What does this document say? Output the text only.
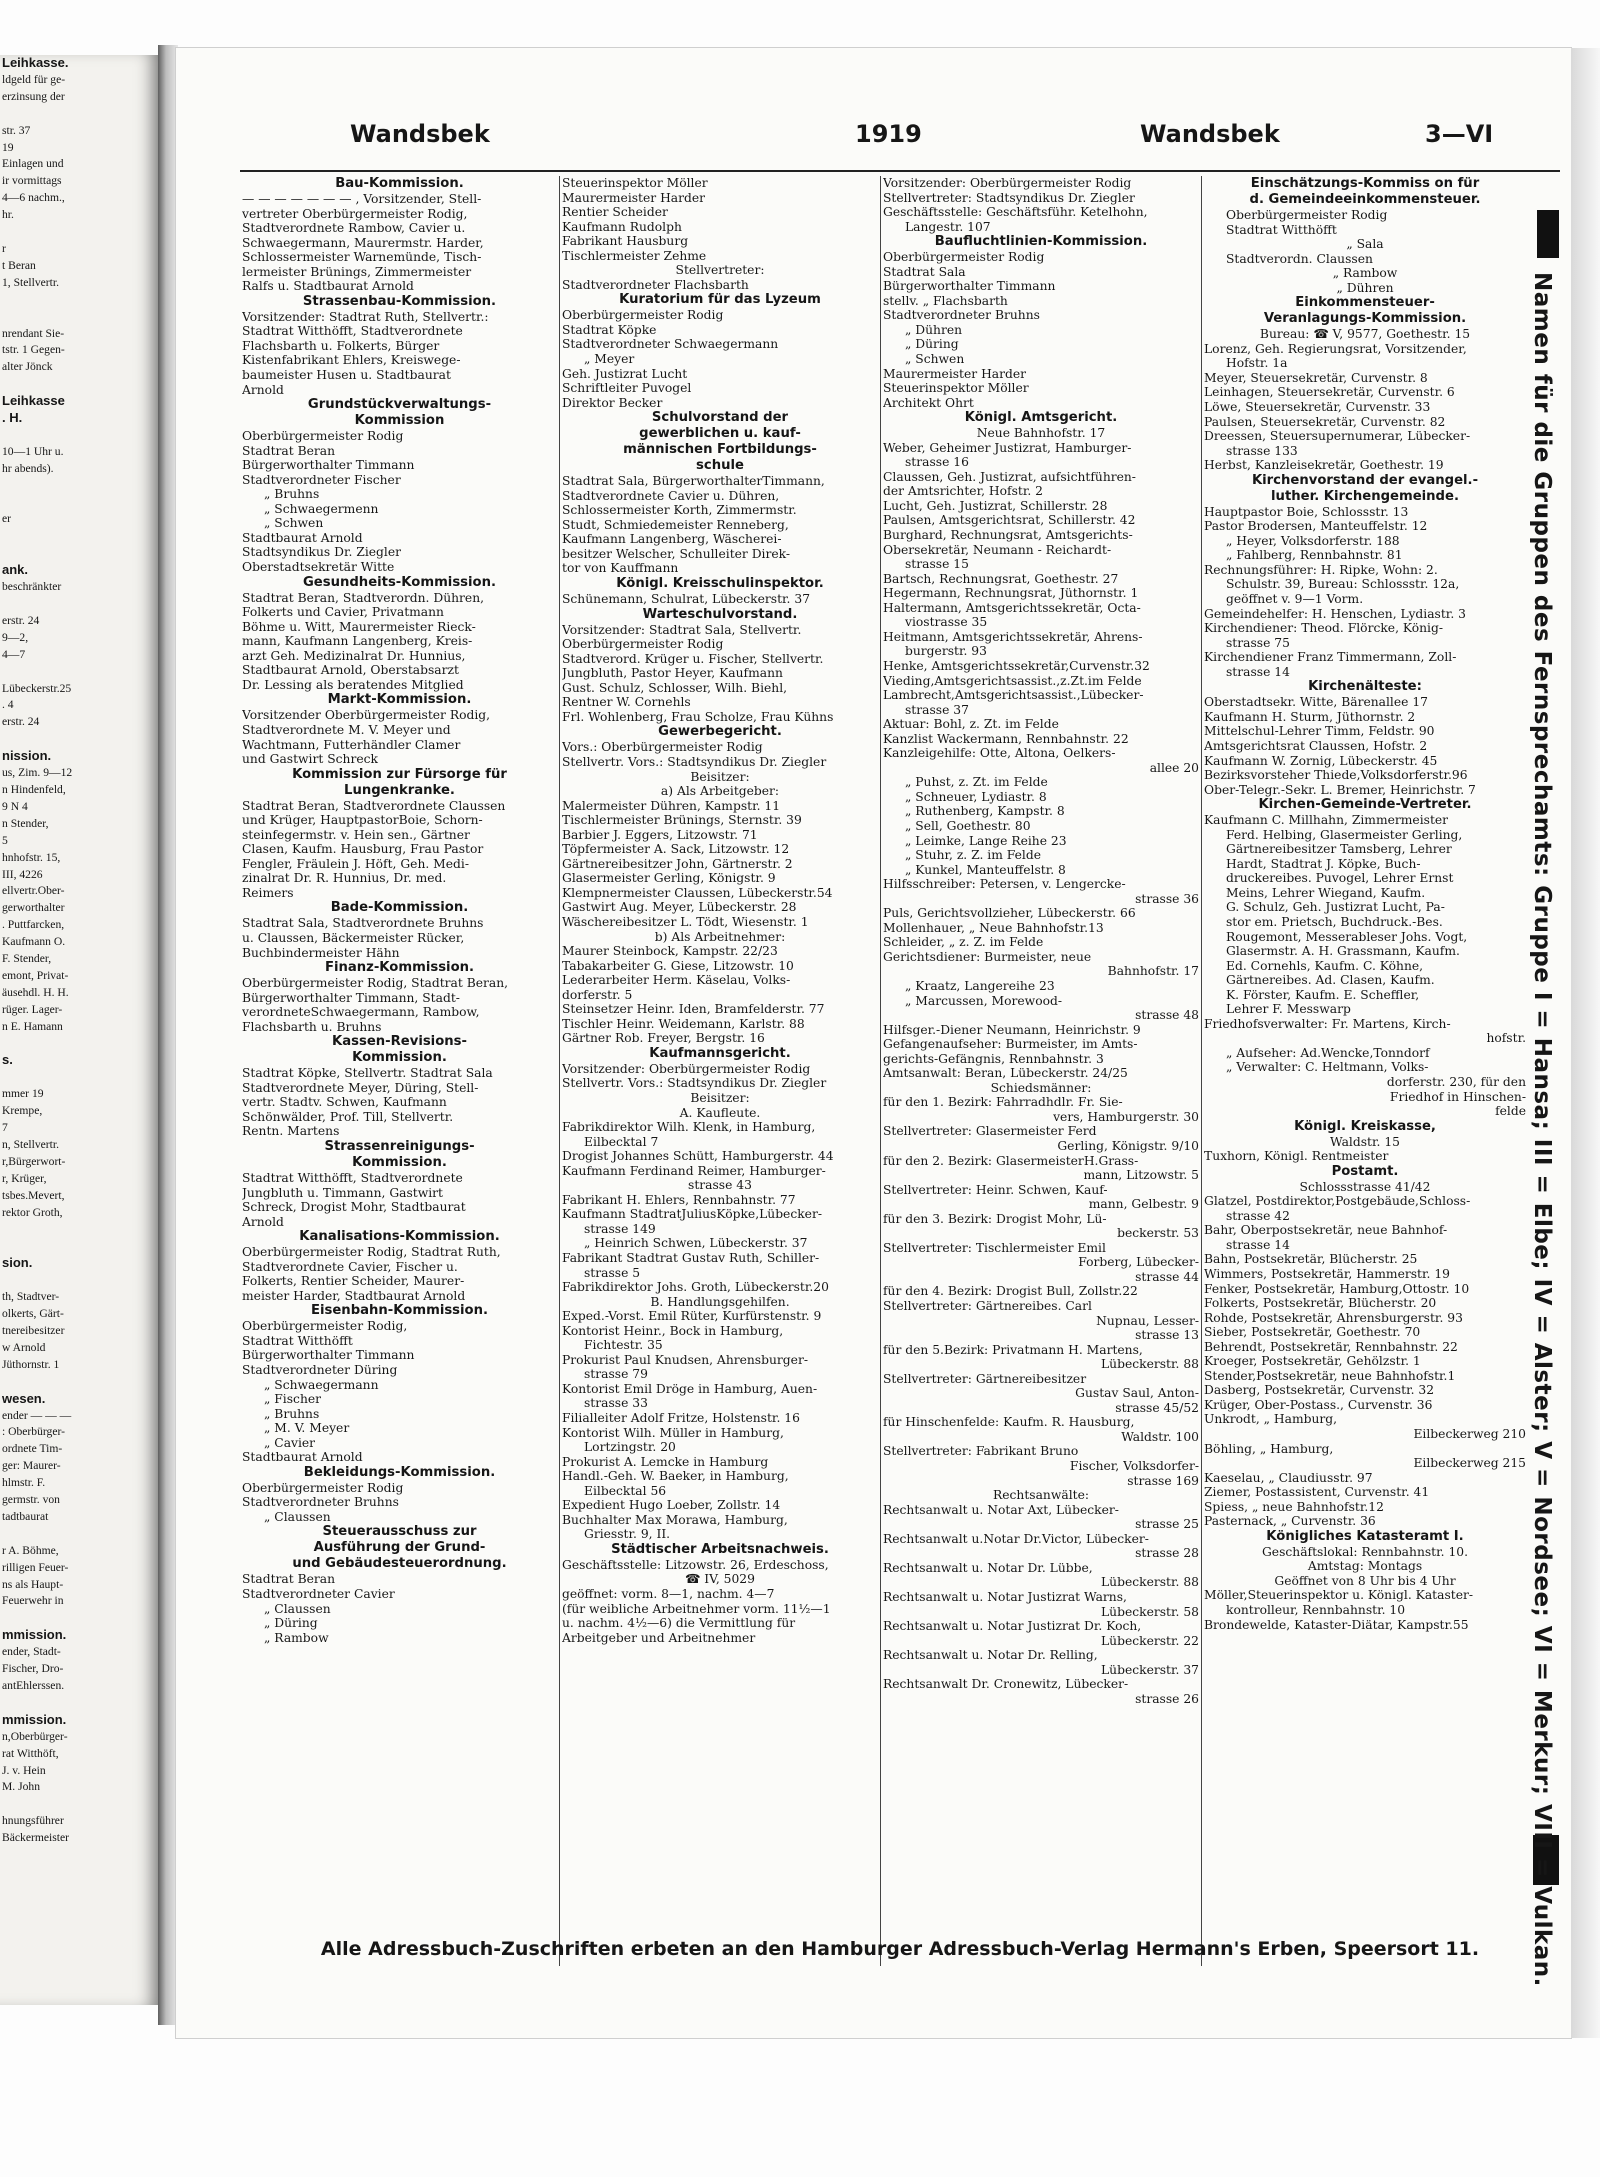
Leihkasse.
ldgeld für ge-
erzinsung der

str. 37
19
Einlagen und
ir vormittags
4—6 nachm.,
hr.

r
t Beran
1, Stellvertr.

nrendant Sie-
tstr. 1 Gegen-
alter Jönck

Leihkasse
. H.

10—1 Uhr u.
hr abends).

er

ank.
beschränkter

erstr. 24
9—2,
4—7

Lübeckerstr.25
. 4
erstr. 24

nission.
us, Zim. 9—12
n Hindenfeld,
9 N 4
n Stender,
5
hnhofstr. 15,
III, 4226
ellvertr.Ober-
gerworthalter
. Puttfarcken,
Kaufmann O.
F. Stender,
emont, Privat-
äusehdl. H. H.
rüger. Lager-
n E. Hamann

s.

mmer 19
Krempe,
7
n, Stellvertr.
r,Bürgerwort-
r, Krüger,
tsbes.Mevert,
rektor Groth,

sion.

th, Stadtver-
olkerts, Gärt-
tnereibesitzer
w Arnold
Jüthornstr. 1

wesen.
ender — — —
: Oberbürger-
ordnete Tim-
ger: Maurer-
hlmstr. F.
germstr. von
tadtbaurat

r A. Böhme,
rilligen Feuer-
ns als Haupt-
Feuerwehr in

mmission.
ender, Stadt-
Fischer, Dro-
antEhlerssen.

mmission.
n,Oberbürger-
rat Witthöft,
J. v. Hein
M. John

hnungsführer
Bäckermeister
Wandsbek	1919	Wandsbek	3—VI
Bau-Kommission.
— — — — — — — , Vorsitzender, Stell-
vertreter Oberbürgermeister Rodig,
Stadtverordnete Rambow, Cavier u.
Schwaegermann, Maurermstr. Harder,
Schlossermeister Warnemünde, Tisch-
lermeister Brünings, Zimmermeister
Ralfs u. Stadtbaurat Arnold
Strassenbau-Kommission.
Vorsitzender: Stadtrat Ruth, Stellvertr.:
Stadtrat Witthöfft, Stadtverordnete
Flachsbarth u. Folkerts, Bürger
Kistenfabrikant Ehlers, Kreiswege-
baumeister Husen u. Stadtbaurat
Arnold
Grundstückverwaltungs-
Kommission
Oberbürgermeister Rodig
Stadtrat Beran
Bürgerworthalter Timmann
Stadtverordneter Fischer
„ Bruhns
„ Schwaegermenn
„ Schwen
Stadtbaurat Arnold
Stadtsyndikus Dr. Ziegler
Oberstadtsekretär Witte
Gesundheits-Kommission.
Stadtrat Beran, Stadtverordn. Dühren,
Folkerts und Cavier, Privatmann
Böhme u. Witt, Maurermeister Rieck-
mann, Kaufmann Langenberg, Kreis-
arzt Geh. Medizinalrat Dr. Hunnius,
Stadtbaurat Arnold, Oberstabsarzt
Dr. Lessing als beratendes Mitglied
Markt-Kommission.
Vorsitzender Oberbürgermeister Rodig,
Stadtverordnete M. V. Meyer und
Wachtmann, Futterhändler Clamer
und Gastwirt Schreck
Kommission zur Fürsorge für
Lungenkranke.
Stadtrat Beran, Stadtverordnete Claussen
und Krüger, HauptpastorBoie, Schorn-
steinfegermstr. v. Hein sen., Gärtner
Clasen, Kaufm. Hausburg, Frau Pastor
Fengler, Fräulein J. Höft, Geh. Medi-
zinalrat Dr. R. Hunnius, Dr. med.
Reimers
Bade-Kommission.
Stadtrat Sala, Stadtverordnete Bruhns
u. Claussen, Bäckermeister Rücker,
Buchbindermeister Hähn
Finanz-Kommission.
Oberbürgermeister Rodig, Stadtrat Beran,
Bürgerworthalter Timmann, Stadt-
verordneteSchwaegermann, Rambow,
Flachsbarth u. Bruhns
Kassen-Revisions-
Kommission.
Stadtrat Köpke, Stellvertr. Stadtrat Sala
Stadtverordnete Meyer, Düring, Stell-
vertr. Stadtv. Schwen, Kaufmann
Schönwälder, Prof. Till, Stellvertr.
Rentn. Martens
Strassenreinigungs-
Kommission.
Stadtrat Witthöfft, Stadtverordnete
Jungbluth u. Timmann, Gastwirt
Schreck, Drogist Mohr, Stadtbaurat
Arnold
Kanalisations-Kommission.
Oberbürgermeister Rodig, Stadtrat Ruth,
Stadtverordnete Cavier, Fischer u.
Folkerts, Rentier Scheider, Maurer-
meister Harder, Stadtbaurat Arnold
Eisenbahn-Kommission.
Oberbürgermeister Rodig,
Stadtrat Witthöfft
Bürgerworthalter Timmann
Stadtverordneter Düring
„ Schwaegermann
„ Fischer
„ Bruhns
„ M. V. Meyer
„ Cavier
Stadtbaurat Arnold
Bekleidungs-Kommission.
Oberbürgermeister Rodig
Stadtverordneter Bruhns
„ Claussen
Steuerausschuss zur
Ausführung der Grund-
und Gebäudesteuerordnung.
Stadtrat Beran
Stadtverordneter Cavier
„ Claussen
„ Düring
„ Rambow
Steuerinspektor Möller
Maurermeister Harder
Rentier Scheider
Kaufmann Rudolph
Fabrikant Hausburg
Tischlermeister Zehme
Stellvertreter:
Stadtverordneter Flachsbarth
Kuratorium für das Lyzeum
Oberbürgermeister Rodig
Stadtrat Köpke
Stadtverordneter Schwaegermann
„ Meyer
Geh. Justizrat Lucht
Schriftleiter Puvogel
Direktor Becker
Schulvorstand der
gewerblichen u. kauf-
männischen Fortbildungs-
schule
Stadtrat Sala, BürgerworthalterTimmann,
Stadtverordnete Cavier u. Dühren,
Schlossermeister Korth, Zimmermstr.
Studt, Schmiedemeister Renneberg,
Kaufmann Langenberg, Wäscherei-
besitzer Welscher, Schulleiter Direk-
tor von Kauffmann
Königl. Kreisschulinspektor.
Schünemann, Schulrat, Lübeckerstr. 37
Warteschulvorstand.
Vorsitzender: Stadtrat Sala, Stellvertr.
Oberbürgermeister Rodig
Stadtverord. Krüger u. Fischer, Stellvertr.
Jungbluth, Pastor Heyer, Kaufmann
Gust. Schulz, Schlosser, Wilh. Biehl,
Rentner W. Cornehls
Frl. Wohlenberg, Frau Scholze, Frau Kühns
Gewerbegericht.
Vors.: Oberbürgermeister Rodig
Stellvertr. Vors.: Stadtsyndikus Dr. Ziegler
Beisitzer:
a) Als Arbeitgeber:
Malermeister Dühren, Kampstr. 11
Tischlermeister Brünings, Sternstr. 39
Barbier J. Eggers, Litzowstr. 71
Töpfermeister A. Sack, Litzowstr. 12
Gärtnereibesitzer John, Gärtnerstr. 2
Glasermeister Gerling, Königstr. 9
Klempnermeister Claussen, Lübeckerstr.54
Gastwirt Aug. Meyer, Lübeckerstr. 28
Wäschereibesitzer L. Tödt, Wiesenstr. 1
b) Als Arbeitnehmer:
Maurer Steinbock, Kampstr. 22/23
Tabakarbeiter G. Giese, Litzowstr. 10
Lederarbeiter Herm. Käselau, Volks-
dorferstr. 5
Steinsetzer Heinr. Iden, Bramfelderstr. 77
Tischler Heinr. Weidemann, Karlstr. 88
Gärtner Rob. Freyer, Bergstr. 16
Kaufmannsgericht.
Vorsitzender: Oberbürgermeister Rodig
Stellvertr. Vors.: Stadtsyndikus Dr. Ziegler
Beisitzer:
A. Kaufleute.
Fabrikdirektor Wilh. Klenk, in Hamburg,
Eilbecktal 7
Drogist Johannes Schütt, Hamburgerstr. 44
Kaufmann Ferdinand Reimer, Hamburger-
strasse 43
Fabrikant H. Ehlers, Rennbahnstr. 77
Kaufmann StadtratJuliusKöpke,Lübecker-
strasse 149
„ Heinrich Schwen, Lübeckerstr. 37
Fabrikant Stadtrat Gustav Ruth, Schiller-
strasse 5
Fabrikdirektor Johs. Groth, Lübeckerstr.20
B. Handlungsgehilfen.
Exped.-Vorst. Emil Rüter, Kurfürstenstr. 9
Kontorist Heinr., Bock in Hamburg,
Fichtestr. 35
Prokurist Paul Knudsen, Ahrensburger-
strasse 79
Kontorist Emil Dröge in Hamburg, Auen-
strasse 33
Filialleiter Adolf Fritze, Holstenstr. 16
Kontorist Wilh. Müller in Hamburg,
Lortzingstr. 20
Prokurist A. Lemcke in Hamburg
Handl.-Geh. W. Baeker, in Hamburg,
Eilbecktal 56
Expedient Hugo Loeber, Zollstr. 14
Buchhalter Max Morawa, Hamburg,
Griesstr. 9, II.
Städtischer Arbeitsnachweis.
Geschäftsstelle: Litzowstr. 26, Erdeschoss,
☎ IV, 5029
geöffnet: vorm. 8—1, nachm. 4—7
(für weibliche Arbeitnehmer vorm. 11½—1
u. nachm. 4½—6) die Vermittlung für
Arbeitgeber und Arbeitnehmer
Vorsitzender: Oberbürgermeister Rodig
Stellvertreter: Stadtsyndikus Dr. Ziegler
Geschäftsstelle: Geschäftsführ. Ketelhohn,
Langestr. 107
Baufluchtlinien-Kommission.
Oberbürgermeister Rodig
Stadtrat Sala
Bürgerworthalter Timmann
stellv. „ Flachsbarth
Stadtverordneter Bruhns
„ Dühren
„ Düring
„ Schwen
Maurermeister Harder
Steuerinspektor Möller
Architekt Ohrt
Königl. Amtsgericht.
Neue Bahnhofstr. 17
Weber, Geheimer Justizrat, Hamburger-
strasse 16
Claussen, Geh. Justizrat, aufsichtführen-
der Amtsrichter, Hofstr. 2
Lucht, Geh. Justizrat, Schillerstr. 28
Paulsen, Amtsgerichtsrat, Schillerstr. 42
Burghard, Rechnungsrat, Amtsgerichts-
Obersekretär, Neumann - Reichardt-
strasse 15
Bartsch, Rechnungsrat, Goethestr. 27
Hegermann, Rechnungsrat, Jüthornstr. 1
Haltermann, Amtsgerichtssekretär, Octa-
viostrasse 35
Heitmann, Amtsgerichtssekretär, Ahrens-
burgerstr. 93
Henke, Amtsgerichtssekretär,Curvenstr.32
Vieding,Amtsgerichtsassist.,z.Zt.im Felde
Lambrecht,Amtsgerichtsassist.,Lübecker-
strasse 37
Aktuar: Bohl, z. Zt. im Felde
Kanzlist Wackermann, Rennbahnstr. 22
Kanzleigehilfe: Otte, Altona, Oelkers-
allee 20
„ Puhst, z. Zt. im Felde
„ Schneuer, Lydiastr. 8
„ Ruthenberg, Kampstr. 8
„ Sell, Goethestr. 80
„ Leimke, Lange Reihe 23
„ Stuhr, z. Z. im Felde
„ Kunkel, Manteuffelstr. 8
Hilfsschreiber: Petersen, v. Lengercke-
strasse 36
Puls, Gerichtsvollzieher, Lübeckerstr. 66
Mollenhauer, „ Neue Bahnhofstr.13
Schleider, „ z. Z. im Felde
Gerichtsdiener: Burmeister, neue
Bahnhofstr. 17
„ Kraatz, Langereihe 23
„ Marcussen, Morewood-
strasse 48
Hilfsger.-Diener Neumann, Heinrichstr. 9
Gefangenaufseher: Burmeister, im Amts-
gerichts-Gefängnis, Rennbahnstr. 3
Amtsanwalt: Beran, Lübeckerstr. 24/25
Schiedsmänner:
für den 1. Bezirk: Fahrradhdlr. Fr. Sie-
vers, Hamburgerstr. 30
Stellvertreter: Glasermeister Ferd
Gerling, Königstr. 9/10
für den 2. Bezirk: GlasermeisterH.Grass-
mann, Litzowstr. 5
Stellvertreter: Heinr. Schwen, Kauf-
mann, Gelbestr. 9
für den 3. Bezirk: Drogist Mohr, Lü-
beckerstr. 53
Stellvertreter: Tischlermeister Emil
Forberg, Lübecker-
strasse 44
für den 4. Bezirk: Drogist Bull, Zollstr.22
Stellvertreter: Gärtnereibes. Carl
Nupnau, Lesser-
strasse 13
für den 5.Bezirk: Privatmann H. Martens,
Lübeckerstr. 88
Stellvertreter: Gärtnereibesitzer
Gustav Saul, Anton-
strasse 45/52
für Hinschenfelde: Kaufm. R. Hausburg,
Waldstr. 100
Stellvertreter: Fabrikant Bruno
Fischer, Volksdorfer-
strasse 169
Rechtsanwälte:
Rechtsanwalt u. Notar Axt, Lübecker-
strasse 25
Rechtsanwalt u.Notar Dr.Victor, Lübecker-
strasse 28
Rechtsanwalt u. Notar Dr. Lübbe,
Lübeckerstr. 88
Rechtsanwalt u. Notar Justizrat Warns,
Lübeckerstr. 58
Rechtsanwalt u. Notar Justizrat Dr. Koch,
Lübeckerstr. 22
Rechtsanwalt u. Notar Dr. Relling,
Lübeckerstr. 37
Rechtsanwalt Dr. Cronewitz, Lübecker-
strasse 26
Einschätzungs-Kommiss on für
d. Gemeindeeinkommensteuer.
Oberbürgermeister Rodig
Stadtrat Witthöfft
„ Sala
Stadtverordn. Claussen
„ Rambow
„ Dühren
Einkommensteuer-
Veranlagungs-Kommission.
Bureau: ☎ V, 9577, Goethestr. 15
Lorenz, Geh. Regierungsrat, Vorsitzender,
Hofstr. 1a
Meyer, Steuersekretär, Curvenstr. 8
Leinhagen, Steuersekretär, Curvenstr. 6
Löwe, Steuersekretär, Curvenstr. 33
Paulsen, Steuersekretär, Curvenstr. 82
Dreessen, Steuersupernumerar, Lübecker-
strasse 133
Herbst, Kanzleisekretär, Goethestr. 19
Kirchenvorstand der evangel.-
luther. Kirchengemeinde.
Hauptpastor Boie, Schlossstr. 13
Pastor Brodersen, Manteuffelstr. 12
„ Heyer, Volksdorferstr. 188
„ Fahlberg, Rennbahnstr. 81
Rechnungsführer: H. Ripke, Wohn: 2.
Schulstr. 39, Bureau: Schlossstr. 12a,
geöffnet v. 9—1 Vorm.
Gemeindehelfer: H. Henschen, Lydiastr. 3
Kirchendiener: Theod. Flörcke, König-
strasse 75
Kirchendiener Franz Timmermann, Zoll-
strasse 14
Kirchenälteste:
Oberstadtsekr. Witte, Bärenallee 17
Kaufmann H. Sturm, Jüthornstr. 2
Mittelschul-Lehrer Timm, Feldstr. 90
Amtsgerichtsrat Claussen, Hofstr. 2
Kaufmann W. Zornig, Lübeckerstr. 45
Bezirksvorsteher Thiede,Volksdorferstr.96
Ober-Telegr.-Sekr. L. Bremer, Heinrichstr. 7
Kirchen-Gemeinde-Vertreter.
Kaufmann C. Millhahn, Zimmermeister
Ferd. Helbing, Glasermeister Gerling,
Gärtnereibesitzer Tamsberg, Lehrer
Hardt, Stadtrat J. Köpke, Buch-
druckereibes. Puvogel, Lehrer Ernst
Meins, Lehrer Wiegand, Kaufm.
G. Schulz, Geh. Justizrat Lucht, Pa-
stor em. Prietsch, Buchdruck.-Bes.
Rougemont, Messerableser Johs. Vogt,
Glasermstr. A. H. Grassmann, Kaufm.
Ed. Cornehls, Kaufm. C. Köhne,
Gärtnereibes. Ad. Clasen, Kaufm.
K. Förster, Kaufm. E. Scheffler,
Lehrer F. Messwarp
Friedhofsverwalter: Fr. Martens, Kirch-
hofstr.
„ Aufseher: Ad.Wencke,Tonndorf
„ Verwalter: C. Heltmann, Volks-
dorferstr. 230, für den
Friedhof in Hinschen-
felde
Königl. Kreiskasse,
Waldstr. 15
Tuxhorn, Königl. Rentmeister
Postamt.
Schlossstrasse 41/42
Glatzel, Postdirektor,Postgebäude,Schloss-
strasse 42
Bahr, Oberpostsekretär, neue Bahnhof-
strasse 14
Bahn, Postsekretär, Blücherstr. 25
Wimmers, Postsekretär, Hammerstr. 19
Fenker, Postsekretär, Hamburg,Ottostr. 10
Folkerts, Postsekretär, Blücherstr. 20
Rohde, Postsekretär, Ahrensburgerstr. 93
Sieber, Postsekretär, Goethestr. 70
Behrendt, Postsekretär, Rennbahnstr. 22
Kroeger, Postsekretär, Gehölzstr. 1
Stender,Postsekretär, neue Bahnhofstr.1
Dasberg, Postsekretär, Curvenstr. 32
Krüger, Ober-Postass., Curvenstr. 36
Unkrodt, „ Hamburg,
Eilbeckerweg 210
Böhling, „ Hamburg,
Eilbeckerweg 215
Kaeselau, „ Claudiusstr. 97
Ziemer, Postassistent, Curvenstr. 41
Spiess, „ neue Bahnhofstr.12
Pasternack, „ Curvenstr. 36
Königliches Katasteramt I.
Geschäftslokal: Rennbahnstr. 10.
Amtstag: Montags
Geöffnet von 8 Uhr bis 4 Uhr
Möller,Steuerinspektor u. Königl. Kataster-
kontrolleur, Rennbahnstr. 10
Brondewelde, Kataster-Diätar, Kampstr.55	Namen für die Gruppen des Fernsprechamts: Gruppe I = Hansa; III = Elbe; IV = Alster; V = Nordsee; VI = Merkur; VIII = Vulkan.
Alle Adressbuch-Zuschriften erbeten an den Hamburger Adressbuch-Verlag Hermann's Erben, Speersort 11.
